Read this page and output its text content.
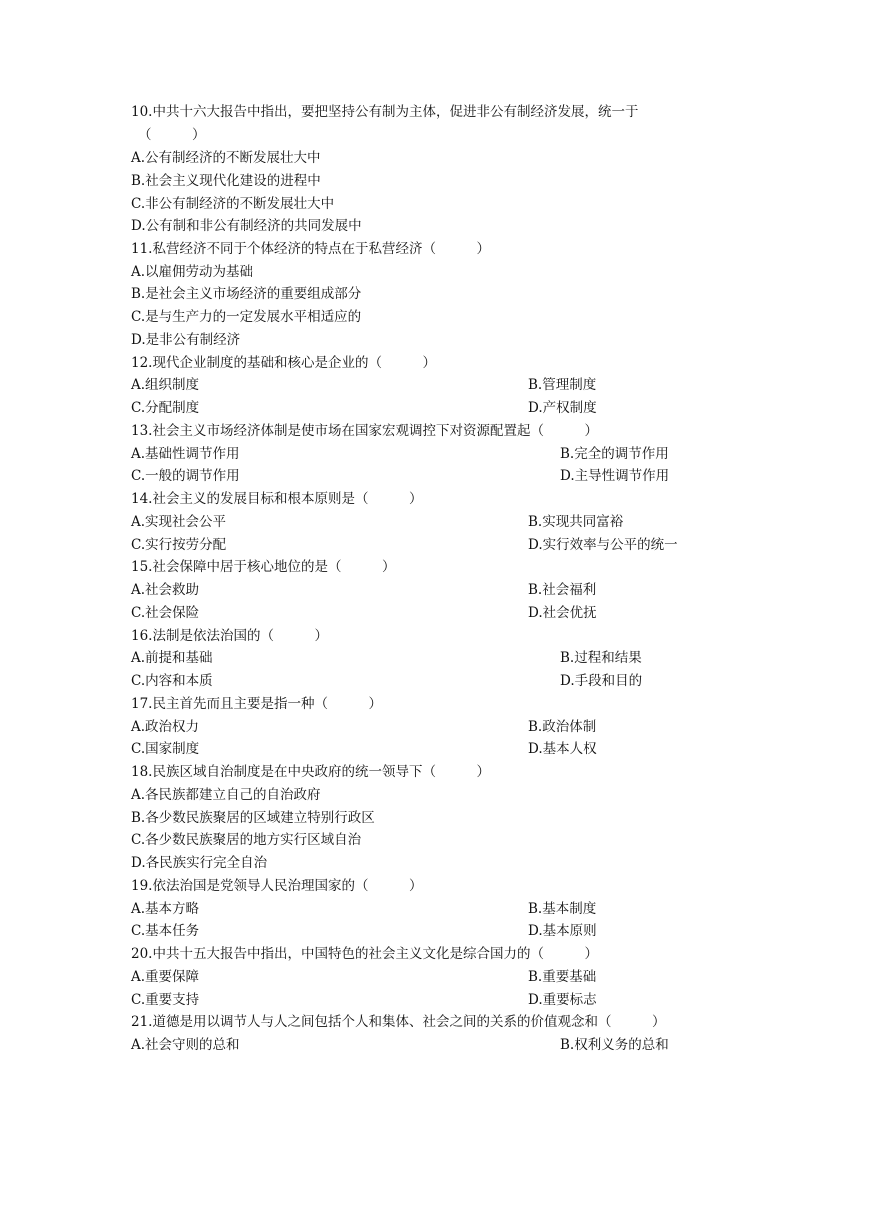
10.中共十六大报告中指出，要把坚持公有制为主体，促进非公有制经济发展，统一于
（　　　）
A.公有制经济的不断发展壮大中
B.社会主义现代化建设的进程中
C.非公有制经济的不断发展壮大中
D.公有制和非公有制经济的共同发展中
11.私营经济不同于个体经济的特点在于私营经济（　　　）
A.以雇佣劳动为基础
B.是社会主义市场经济的重要组成部分
C.是与生产力的一定发展水平相适应的
D.是非公有制经济
12.现代企业制度的基础和核心是企业的（　　　）
A.组织制度	B.管理制度
C.分配制度	D.产权制度
13.社会主义市场经济体制是使市场在国家宏观调控下对资源配置起（　　　）
A.基础性调节作用	B.完全的调节作用
C.一般的调节作用	D.主导性调节作用
14.社会主义的发展目标和根本原则是（　　　）
A.实现社会公平	B.实现共同富裕
C.实行按劳分配	D.实行效率与公平的统一
15.社会保障中居于核心地位的是（　　　）
A.社会救助	B.社会福利
C.社会保险	D.社会优抚
16.法制是依法治国的（　　　）
A.前提和基础	B.过程和结果
C.内容和本质	D.手段和目的
17.民主首先而且主要是指一种（　　　）
A.政治权力	B.政治体制
C.国家制度	D.基本人权
18.民族区域自治制度是在中央政府的统一领导下（　　　）
A.各民族都建立自己的自治政府
B.各少数民族聚居的区域建立特别行政区
C.各少数民族聚居的地方实行区域自治
D.各民族实行完全自治
19.依法治国是党领导人民治理国家的（　　　）
A.基本方略	B.基本制度
C.基本任务	D.基本原则
20.中共十五大报告中指出，中国特色的社会主义文化是综合国力的（　　　）
A.重要保障	B.重要基础
C.重要支持	D.重要标志
21.道德是用以调节人与人之间包括个人和集体、社会之间的关系的价值观念和（　　　）
A.社会守则的总和	B.权利义务的总和
